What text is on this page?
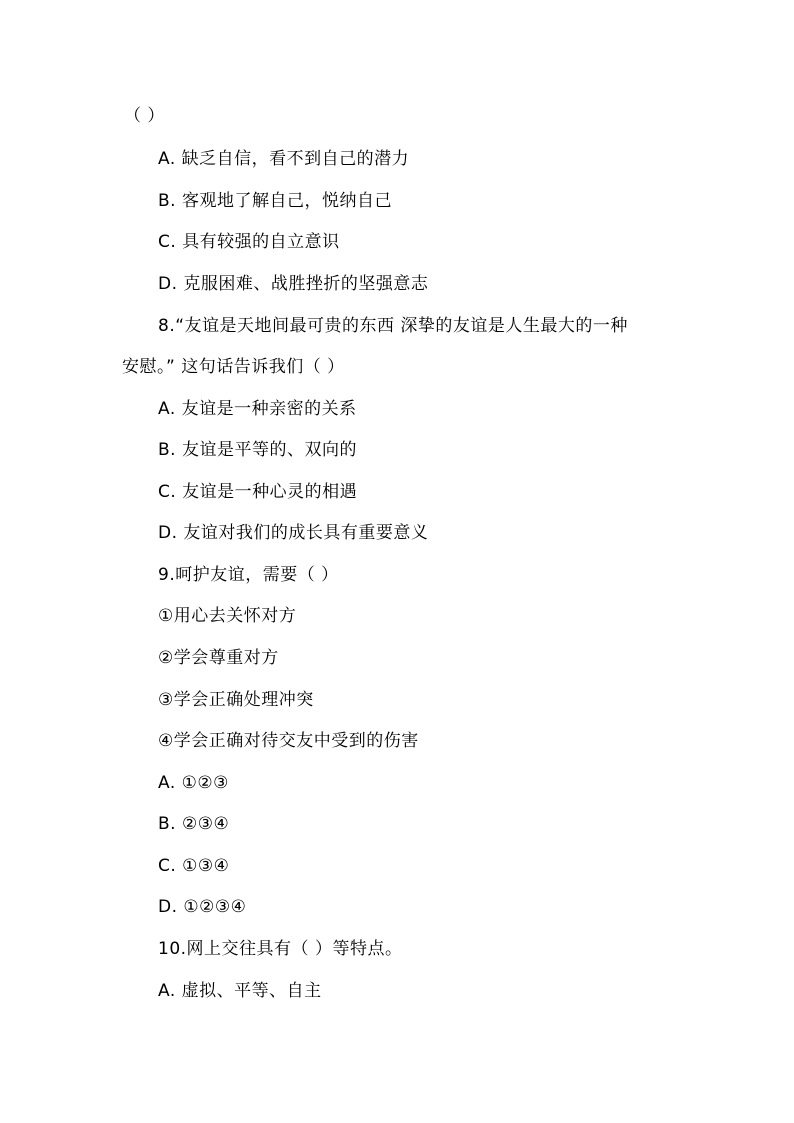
（ ）
A. 缺乏自信，看不到自己的潜力
B. 客观地了解自己，悦纳自己
C. 具有较强的自立意识
D. 克服困难、战胜挫折的坚强意志
8.“友谊是天地间最可贵的东西 深挚的友谊是人生最大的一种
安慰。” 这句话告诉我们（ ）
A. 友谊是一种亲密的关系
B. 友谊是平等的、双向的
C. 友谊是一种心灵的相遇
D. 友谊对我们的成长具有重要意义
9.呵护友谊，需要（ ）
①用心去关怀对方
②学会尊重对方
③学会正确处理冲突
④学会正确对待交友中受到的伤害
A. ①②③
B. ②③④
C. ①③④
D. ①②③④
10.网上交往具有（ ）等特点。
A. 虚拟、平等、自主
